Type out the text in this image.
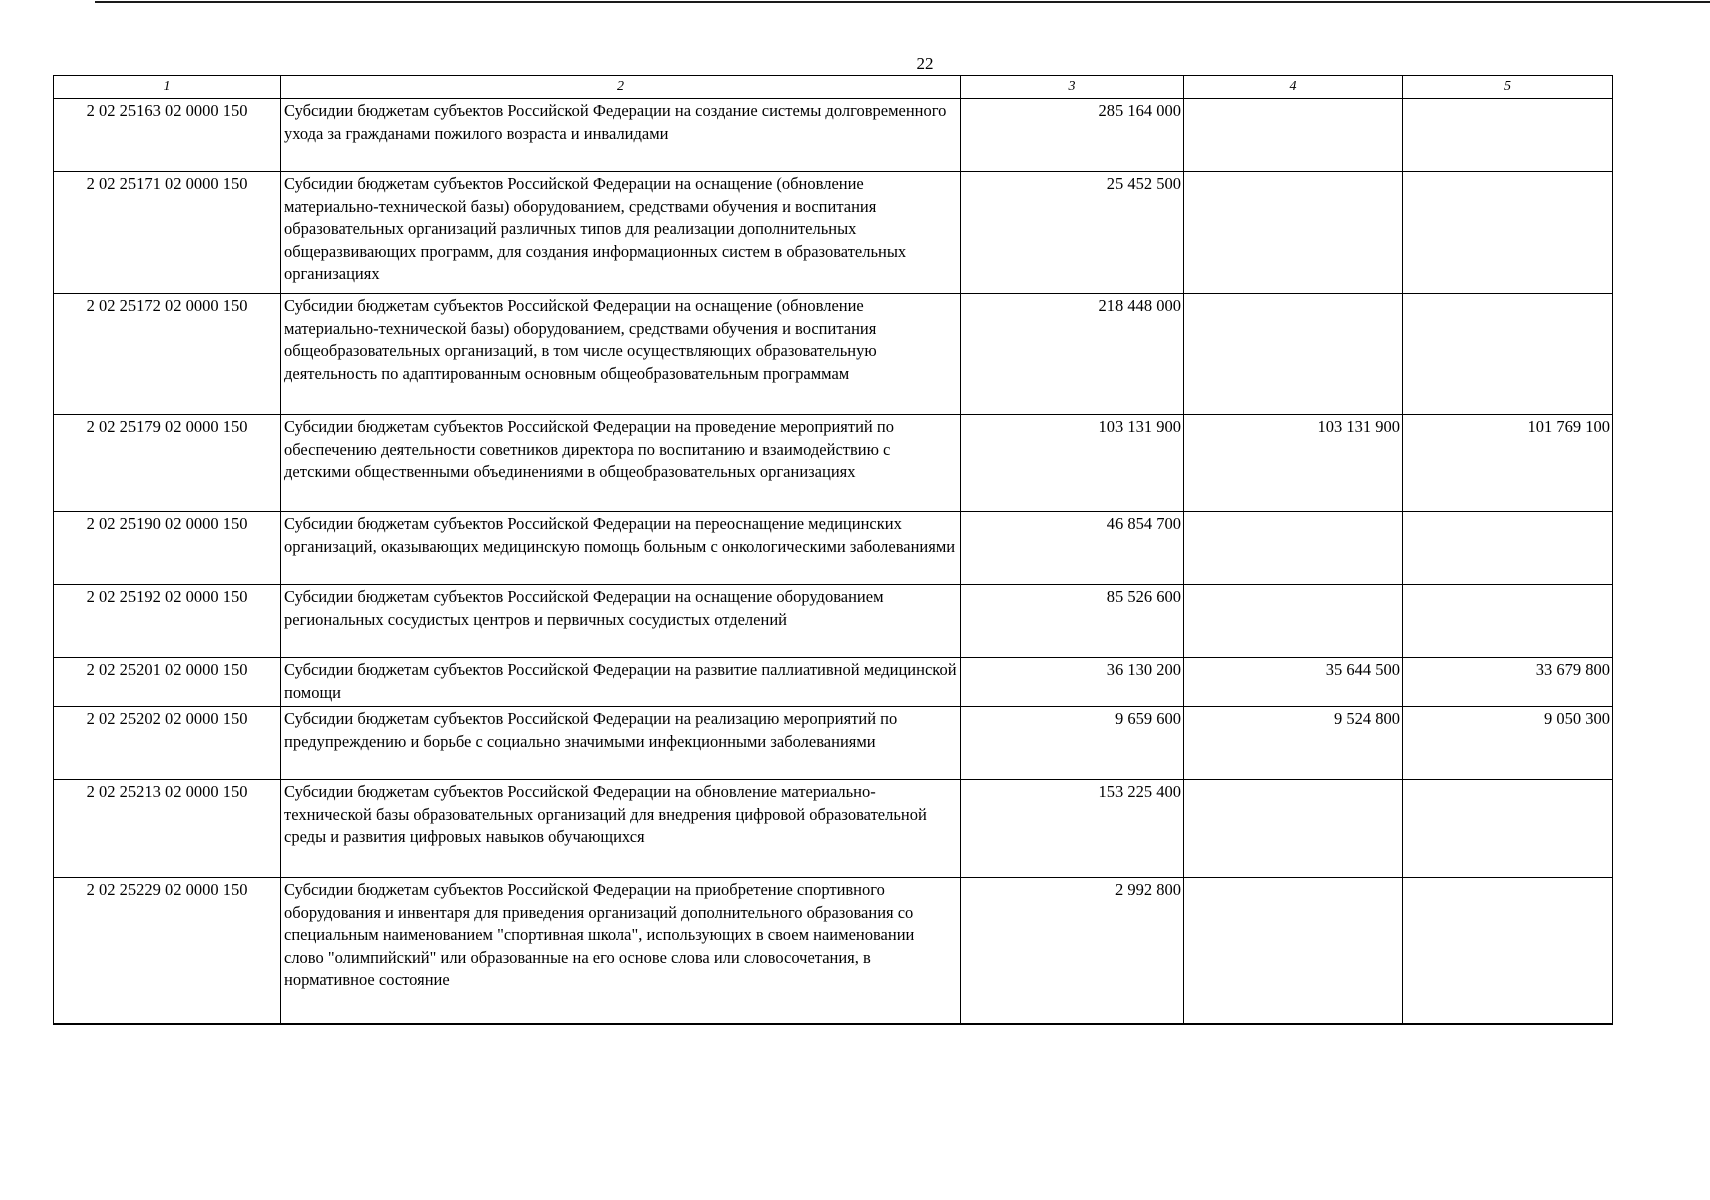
22
1	2	3	4	5
2 02 25163 02 0000 150	Субсидии бюджетам субъектов Российской Федерации на создание системы долговременного ухода за гражданами пожилого возраста и инвалидами	285 164 000		
2 02 25171 02 0000 150	Субсидии бюджетам субъектов Российской Федерации на оснащение (обновление материально-технической базы) оборудованием, средствами обучения и воспитания образовательных организаций различных типов для реализации дополнительных общеразвивающих программ, для создания информационных систем в образовательных организациях	25 452 500		
2 02 25172 02 0000 150	Субсидии бюджетам субъектов Российской Федерации на оснащение (обновление материально-технической базы) оборудованием, средствами обучения и воспитания общеобразовательных организаций, в том числе осуществляющих образовательную деятельность по адаптированным основным общеобразовательным программам	218 448 000		
2 02 25179 02 0000 150	Субсидии бюджетам субъектов Российской Федерации на проведение мероприятий по обеспечению деятельности советников директора по воспитанию и взаимодействию с детскими общественными объединениями в общеобразовательных организациях	103 131 900	103 131 900	101 769 100
2 02 25190 02 0000 150	Субсидии бюджетам субъектов Российской Федерации на переоснащение медицинских организаций, оказывающих медицинскую помощь больным с онкологическими заболеваниями	46 854 700		
2 02 25192 02 0000 150	Субсидии бюджетам субъектов Российской Федерации на оснащение оборудованием региональных сосудистых центров и первичных сосудистых отделений	85 526 600		
2 02 25201 02 0000 150	Субсидии бюджетам субъектов Российской Федерации на развитие паллиативной медицинской помощи	36 130 200	35 644 500	33 679 800
2 02 25202 02 0000 150	Субсидии бюджетам субъектов Российской Федерации на реализацию мероприятий по предупреждению и борьбе с социально значимыми инфекционными заболеваниями	9 659 600	9 524 800	9 050 300
2 02 25213 02 0000 150	Субсидии бюджетам субъектов Российской Федерации на обновление материально-технической базы образовательных организаций для внедрения цифровой образовательной среды и развития цифровых навыков обучающихся	153 225 400		
2 02 25229 02 0000 150	Субсидии бюджетам субъектов Российской Федерации на приобретение спортивного оборудования и инвентаря для приведения организаций дополнительного образования со специальным наименованием "спортивная школа", использующих в своем наименовании слово "олимпийский" или образованные на его основе слова или словосочетания, в нормативное состояние	2 992 800		
